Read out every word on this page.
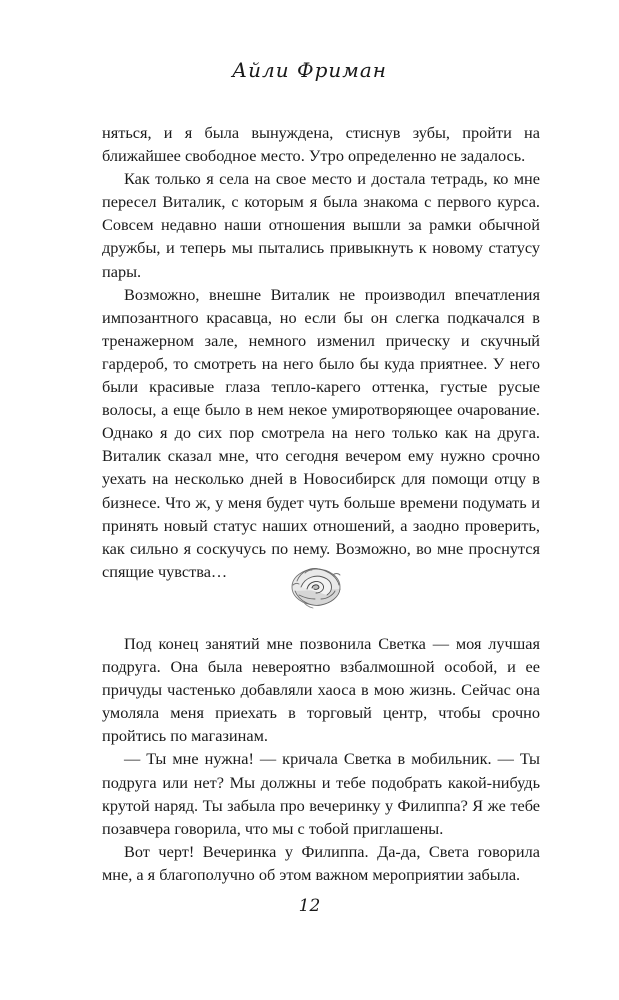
Айли Фриман

няться, и я была вынуждена, стиснув зубы, пройти на ближайшее свободное место. Утро определенно не задалось.

Как только я села на свое место и достала тетрадь, ко мне пересел Виталик, с которым я была знакома с первого курса. Совсем недавно наши отношения вышли за рамки обычной дружбы, и теперь мы пытались привыкнуть к новому статусу пары.

Возможно, внешне Виталик не производил впечатления импозантного красавца, но если бы он слегка подкачался в тренажерном зале, немного изменил прическу и скучный гардероб, то смотреть на него было бы куда приятнее. У него были красивые глаза тепло-карего оттенка, густые русые волосы, а еще было в нем некое умиротворяющее очарование. Однако я до сих пор смотрела на него только как на друга. Виталик сказал мне, что сегодня вечером ему нужно срочно уехать на несколько дней в Новосибирск для помощи отцу в бизнесе. Что ж, у меня будет чуть больше времени подумать и принять новый статус наших отношений, а заодно проверить, как сильно я соскучусь по нему. Возможно, во мне проснутся спящие чувства…

Под конец занятий мне позвонила Светка — моя лучшая подруга. Она была невероятно взбалмошной особой, и ее причуды частенько добавляли хаоса в мою жизнь. Сейчас она умоляла меня приехать в торговый центр, чтобы срочно пройтись по магазинам.

— Ты мне нужна! — кричала Светка в мобильник. — Ты подруга или нет? Мы должны и тебе подобрать какой-нибудь крутой наряд. Ты забыла про вечеринку у Филиппа? Я же тебе позавчера говорила, что мы с тобой приглашены.

Вот черт! Вечеринка у Филиппа. Да-да, Света говорила мне, а я благополучно об этом важном мероприятии забыла.

12
